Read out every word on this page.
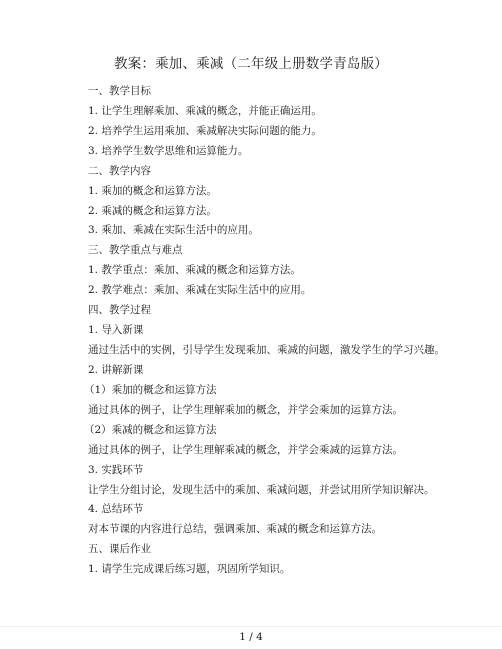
教案：乘加、乘减（二年级上册数学青岛版）
一、教学目标
1. 让学生理解乘加、乘减的概念，并能正确运用。
2. 培养学生运用乘加、乘减解决实际问题的能力。
3. 培养学生数学思维和运算能力。
二、教学内容
1. 乘加的概念和运算方法。
2. 乘减的概念和运算方法。
3. 乘加、乘减在实际生活中的应用。
三、教学重点与难点
1. 教学重点：乘加、乘减的概念和运算方法。
2. 教学难点：乘加、乘减在实际生活中的应用。
四、教学过程
1. 导入新课
通过生活中的实例，引导学生发现乘加、乘减的问题，激发学生的学习兴趣。
2. 讲解新课
（1）乘加的概念和运算方法
通过具体的例子，让学生理解乘加的概念，并学会乘加的运算方法。
（2）乘减的概念和运算方法
通过具体的例子，让学生理解乘减的概念，并学会乘减的运算方法。
3. 实践环节
让学生分组讨论，发现生活中的乘加、乘减问题，并尝试用所学知识解决。
4. 总结环节
对本节课的内容进行总结，强调乘加、乘减的概念和运算方法。
五、课后作业
1. 请学生完成课后练习题，巩固所学知识。
1 / 4
